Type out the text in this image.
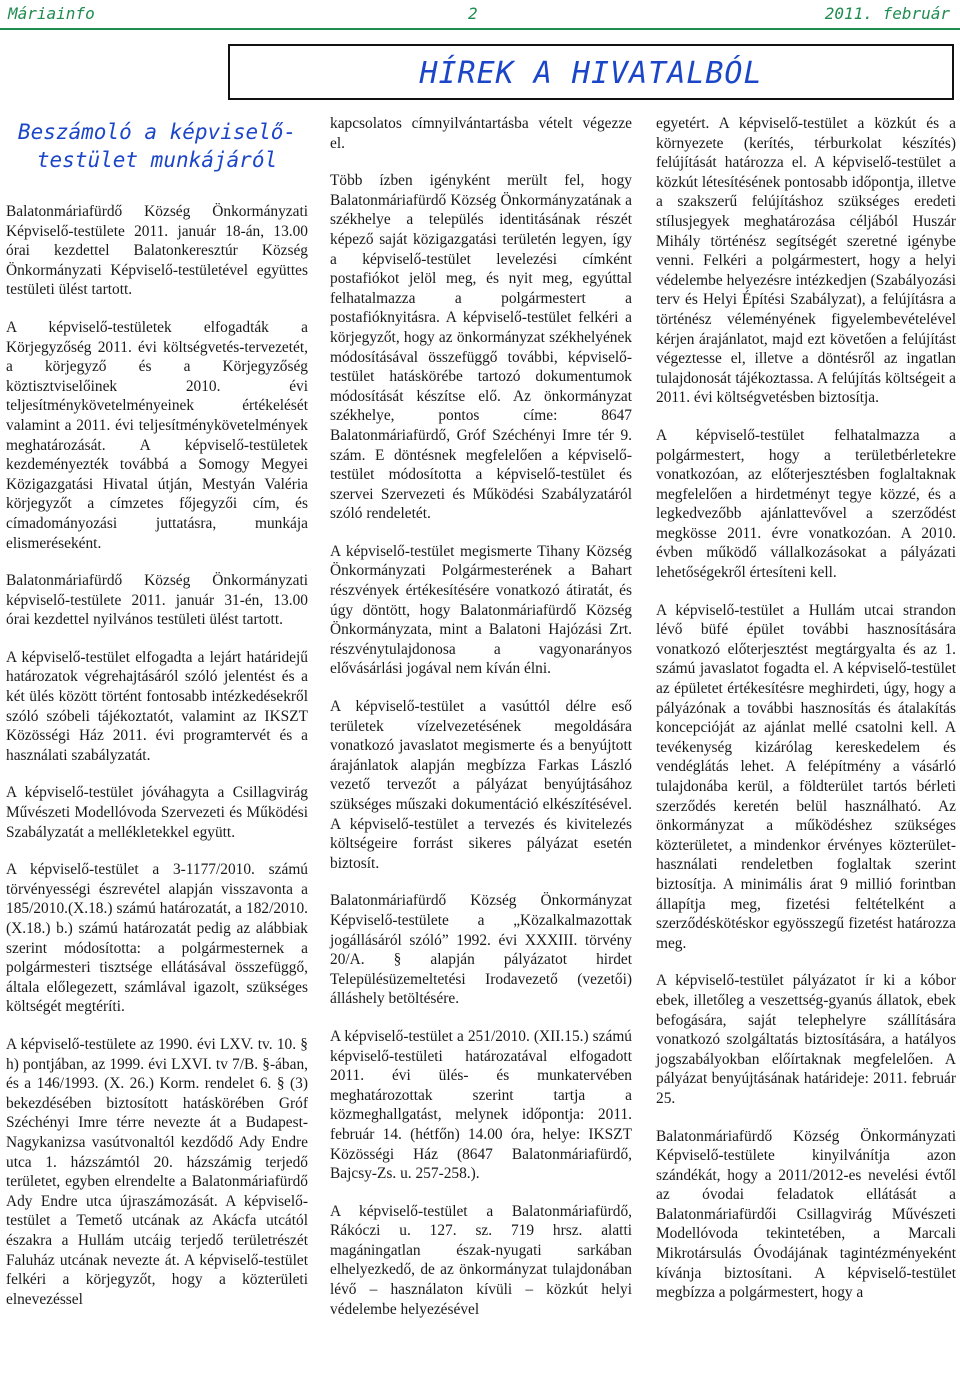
Máriainfo	2	2011. február
HÍREK A HIVATALBÓL
Beszámoló a képviselő-testület munkájáról

Balatonmáriafürdő Község Önkormányzati Képviselő-testülete 2011. január 18-án, 13.00 órai kezdettel Balatonkeresztúr Község Önkormányzati Képviselő-testületével együttes testületi ülést tartott.

A képviselő-testületek elfogadták a Körjegyzőség 2011. évi költségvetés-tervezetét, a körjegyző és a Körjegyzőség köztisztviselőinek 2010. évi teljesítménykövetelményeinek értékelését valamint a 2011. évi teljesítménykövetelmények meghatározását. A képviselő-testületek kezdeményezték továbbá a Somogy Megyei Közigazgatási Hivatal útján, Mestyán Valéria körjegyzőt a címzetes főjegyzői cím, és címadományozási juttatásra, munkája elismeréseként.

Balatonmáriafürdő Község Önkormányzati képviselő-testülete 2011. január 31-én, 13.00 órai kezdettel nyilvános testületi ülést tartott.

A képviselő-testület elfogadta a lejárt határidejű határozatok végrehajtásáról szóló jelentést és a két ülés között történt fontosabb intézkedésekről szóló szóbeli tájékoztatót, valamint az IKSZT Közösségi Ház 2011. évi programtervét és a használati szabályzatát.

A képviselő-testület jóváhagyta a Csillagvirág Művészeti Modellóvoda Szervezeti és Működési Szabályzatát a mellékletekkel együtt.

A képviselő-testület a 3-1177/2010. számú törvényességi észrevétel alapján visszavonta a 185/2010.(X.18.) számú határozatát, a 182/2010.(X.18.) b.) számú határozatát pedig az alábbiak szerint módosította: a polgármesternek a polgármesteri tisztsége ellátásával összefüggő, általa előlegezett, számlával igazolt, szükséges költségét megtéríti.

A képviselő-testülete az 1990. évi LXV. tv. 10. § h) pontjában, az 1999. évi LXVI. tv 7/B. §-ában, és a 146/1993. (X. 26.) Korm. rendelet 6. § (3) bekezdésében biztosított hatáskörében Gróf Széchényi Imre térre nevezte át a Budapest-Nagykanizsa vasútvonaltól kezdődő Ady Endre utca 1. házszámtól 20. házszámig terjedő területet, egyben elrendelte a Balatonmáriafürdő Ady Endre utca újraszámozását. A képviselő-testület a Temető utcának az Akácfa utcától északra a Hullám utcáig terjedő területrészét Faluház utcának nevezte át. A képviselő-testület felkéri a körjegyzőt, hogy a közterületi elnevezéssel

kapcsolatos címnyilvántartásba vételt végezze el.

Több ízben igényként merült fel, hogy Balatonmáriafürdő Község Önkormányzatának a székhelye a település identitásának részét képező saját közigazgatási területén legyen, így a képviselő-testület levelezési címként postafiókot jelöl meg, és nyit meg, egyúttal felhatalmazza a polgármestert a postafióknyitásra. A képviselő-testület felkéri a körjegyzőt, hogy az önkormányzat székhelyének módosításával összefüggő további, képviselő-testület hatáskörébe tartozó dokumentumok módosítását készítse elő. Az önkormányzat székhelye, pontos címe: 8647 Balatonmáriafürdő, Gróf Széchényi Imre tér 9. szám. E döntésnek megfelelően a képviselő-testület módosította a képviselő-testület és szervei Szervezeti és Működési Szabályzatáról szóló rendeletét.

A képviselő-testület megismerte Tihany Község Önkormányzati Polgármesterének a Bahart részvények értékesítésére vonatkozó átiratát, és úgy döntött, hogy Balatonmáriafürdő Község Önkormányzata, mint a Balatoni Hajózási Zrt. részvénytulajdonosa a vagyonarányos elővásárlási jogával nem kíván élni.

A képviselő-testület a vasúttól délre eső területek vízelvezetésének megoldására vonatkozó javaslatot megismerte és a benyújtott árajánlatok alapján megbízza Farkas László vezető tervezőt a pályázat benyújtásához szükséges műszaki dokumentáció elkészítésével. A képviselő-testület a tervezés és kivitelezés költségeire forrást sikeres pályázat esetén biztosít.

Balatonmáriafürdő Község Önkormányzat Képviselő-testülete a „Közalkalmazottak jogállásáról szóló” 1992. évi XXXIII. törvény 20/A. § alapján pályázatot hirdet Településüzemeltetési Irodavezető (vezetői) álláshely betöltésére.

A képviselő-testület a 251/2010. (XII.15.) számú képviselő-testületi határozatával elfogadott 2011. évi ülés- és munkatervében meghatározottak szerint tartja a közmeghallgatást, melynek időpontja: 2011. február 14. (hétfőn) 14.00 óra, helye: IKSZT Közösségi Ház (8647 Balatonmáriafürdő, Bajcsy-Zs. u. 257-258.).

A képviselő-testület a Balatonmáriafürdő, Rákóczi u. 127. sz. 719 hrsz. alatti magáningatlan észak-nyugati sarkában elhelyezkedő, de az önkormányzat tulajdonában lévő – használaton kívüli – közkút helyi védelembe helyezésével

egyetért. A képviselő-testület a közkút és a környezete (kerítés, térburkolat készítés) felújítását határozza el. A képviselő-testület a közkút létesítésének pontosabb időpontja, illetve a szakszerű felújításhoz szükséges eredeti stílusjegyek meghatározása céljából Huszár Mihály történész segítségét szeretné igénybe venni. Felkéri a polgármestert, hogy a helyi védelembe helyezésre intézkedjen (Szabályozási terv és Helyi Építési Szabályzat), a felújításra a történész véleményének figyelembevételével kérjen árajánlatot, majd ezt követően a felújítást végeztesse el, illetve a döntésről az ingatlan tulajdonosát tájékoztassa. A felújítás költségeit a 2011. évi költségvetésben biztosítja.

A képviselő-testület felhatalmazza a polgármestert, hogy a területbérletekre vonatkozóan, az előterjesztésben foglaltaknak megfelelően a hirdetményt tegye közzé, és a legkedvezőbb ajánlattevővel a szerződést megkösse 2011. évre vonatkozóan. A 2010. évben működő vállalkozásokat a pályázati lehetőségekről értesíteni kell.

A képviselő-testület a Hullám utcai strandon lévő büfé épület további hasznosítására vonatkozó előterjesztést megtárgyalta és az 1. számú javaslatot fogadta el. A képviselő-testület az épületet értékesítésre meghirdeti, úgy, hogy a pályázónak a további hasznosítás és átalakítás koncepcióját az ajánlat mellé csatolni kell. A tevékenység kizárólag kereskedelem és vendéglátás lehet. A felépítmény a vásárló tulajdonába kerül, a földterület tartós bérleti szerződés keretén belül használható. Az önkormányzat a működéshez szükséges közterületet, a mindenkor érvényes közterület-használati rendeletben foglaltak szerint biztosítja. A minimális árat 9 millió forintban állapítja meg, fizetési feltételként a szerződéskötéskor egyösszegű fizetést határozza meg.

A képviselő-testület pályázatot ír ki a kóbor ebek, illetőleg a veszettség-gyanús állatok, ebek befogására, saját telephelyre szállítására vonatkozó szolgáltatás biztosítására, a hatályos jogszabályokban előírtaknak megfelelően. A pályázat benyújtásának határideje: 2011. február 25.

Balatonmáriafürdő Község Önkormányzati Képviselő-testülete kinyilvánítja azon szándékát, hogy a 2011/2012-es nevelési évtől az óvodai feladatok ellátását a Balatonmáriafürdői Csillagvirág Művészeti Modellóvoda tekintetében, a Marcali Mikrotársulás Óvodájának tagintézményeként kívánja biztosítani. A képviselő-testület megbízza a polgármestert, hogy a
